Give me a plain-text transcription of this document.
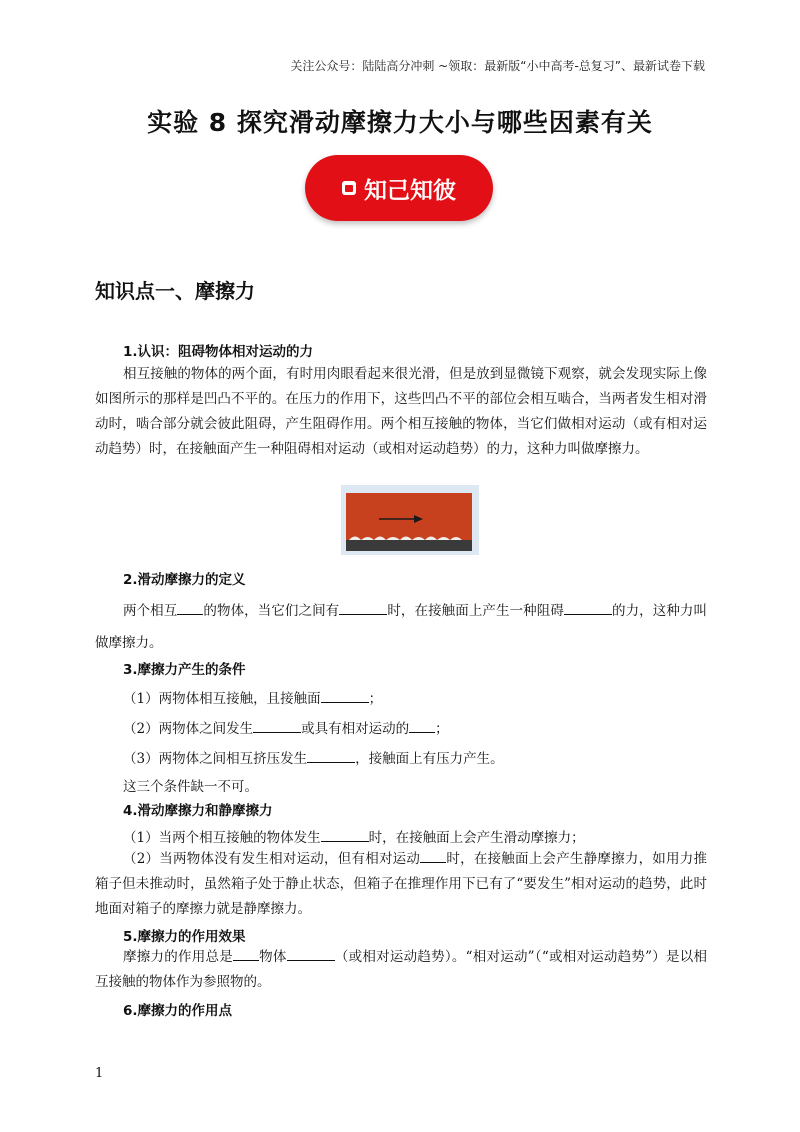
关注公众号：陆陆高分冲刺 ~领取：最新版“小中高考-总复习”、最新试卷下载
实验 8 探究滑动摩擦力大小与哪些因素有关
知己知彼
知识点一、摩擦力
1.认识：阻碍物体相对运动的力
相互接触的物体的两个面，有时用肉眼看起来很光滑，但是放到显微镜下观察，就会发现实际上像如图所示的那样是凹凸不平的。在压力的作用下，这些凹凸不平的部位会相互啮合，当两者发生相对滑动时，啮合部分就会彼此阻碍，产生阻碍作用。两个相互接触的物体，当它们做相对运动（或有相对运动趋势）时，在接触面产生一种阻碍相对运动（或相对运动趋势）的力，这种力叫做摩擦力。
2.滑动摩擦力的定义
两个相互 的物体，当它们之间有	时，在接触面上产生一种阻碍	的力，这种力叫做摩擦力。
3.摩擦力产生的条件
（1）两物体相互接触，且接触面	；
（2）两物体之间发生	或具有相对运动的 ；
（3）两物体之间相互挤压发生	，接触面上有压力产生。
这三个条件缺一不可。
4.滑动摩擦力和静摩擦力
（1）当两个相互接触的物体发生	时，在接触面上会产生滑动摩擦力；
（2）当两物体没有发生相对运动，但有相对运动 时，在接触面上会产生静摩擦力，如用力推箱子但未推动时，虽然箱子处于静止状态，但箱子在推理作用下已有了“要发生”相对运动的趋势，此时地面对箱子的摩擦力就是静摩擦力。
5.摩擦力的作用效果
摩擦力的作用总是 物体	（或相对运动趋势）。“相对运动”（“或相对运动趋势”）是以相互接触的物体作为参照物的。
6.摩擦力的作用点
1
